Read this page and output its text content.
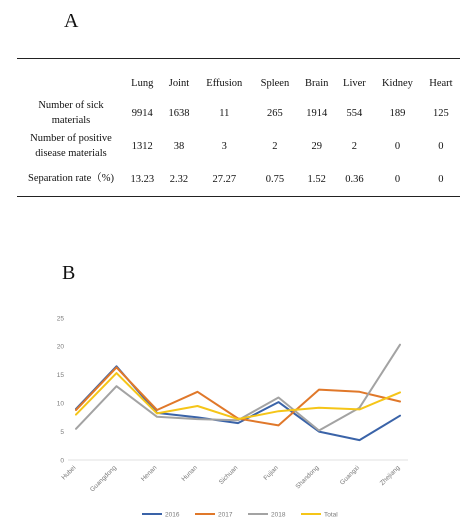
A
	Lung	Joint	Effusion	Spleen	Brain	Liver	Kidney	Heart
Number of sick materials	9914	1638	11	265	1914	554	189	125
Number of positive disease materials	1312	38	3	2	29	2	0	0
Separation rate（%)	13.23	2.32	27.27	0.75	1.52	0.36	0	0
B
0
5
10
15
20
25
Hubei Guangdong	Henan	Hunan	Sichuan	Fujian Shandong	Guangxi	Zhejiang
2016	2017	2018	Total
